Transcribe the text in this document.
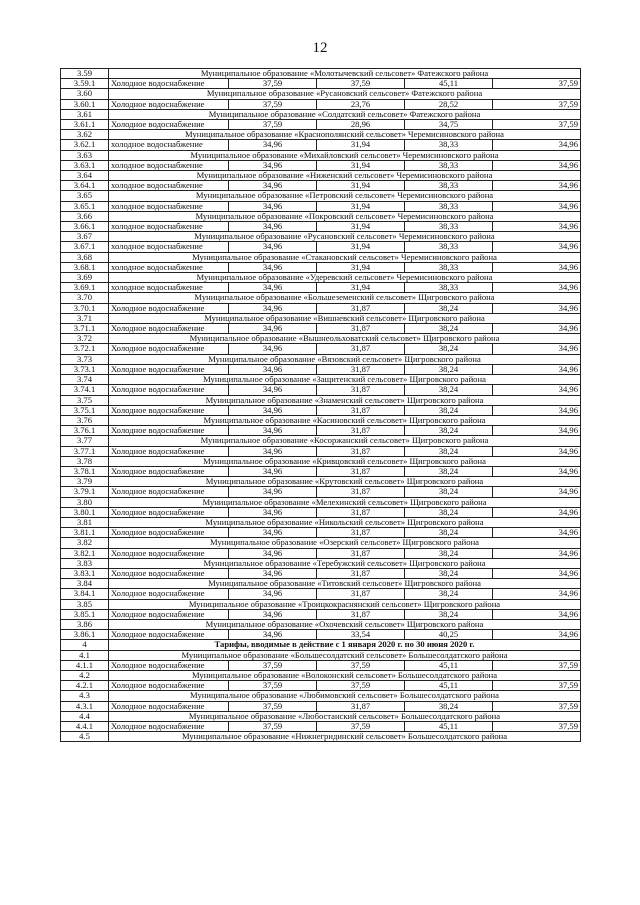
12
3.59	Муниципальное образование «Молотычевский сельсовет» Фатежского района				
3.59.1	Холодное водоснабжение	37,59	37,59	45,11	37,59
3.60	Муниципальное образование «Русановский сельсовет» Фатежского района				
3.60.1	Холодное водоснабжение	37,59	23,76	28,52	37,59
3.61	Муниципальное образование «Солдатский сельсовет» Фатежского района				
3.61.1	Холодное водоснабжение	37,59	28,96	34,75	37,59
3.62	Муниципальное образование «Краснополянский сельсовет» Черемисиновского района				
3.62.1	холодное водоснабжение	34,96	31,94	38,33	34,96
3.63	Муниципальное образование «Михайловский сельсовет» Черемисиновского района				
3.63.1	холодное водоснабжение	34,96	31,94	38,33	34,96
3.64	Муниципальное образование «Ниженский сельсовет» Черемисиновского района				
3.64.1	холодное водоснабжение	34,96	31,94	38,33	34,96
3.65	Муниципальное образование «Петровский сельсовет» Черемисиновского района				
3.65.1	холодное водоснабжение	34,96	31,94	38,33	34,96
3.66	Муниципальное образование «Покровский сельсовет» Черемисиновского района				
3.66.1	холодное водоснабжение	34,96	31,94	38,33	34,96
3.67	Муниципальное образование «Русановский сельсовет» Черемисиновского района				
3.67.1	холодное водоснабжение	34,96	31,94	38,33	34,96
3.68	Муниципальное образование «Стакановский сельсовет» Черемисиновского района				
3.68.1	холодное водоснабжение	34,96	31,94	38,33	34,96
3.69	Муниципальное образование «Удеревский сельсовет» Черемисиновского района				
3.69.1	холодное водоснабжение	34,96	31,94	38,33	34,96
3.70	Муниципальное образование «Большеземенский сельсовет» Щигровского района				
3.70.1	Холодное водоснабжение	34,96	31,87	38,24	34,96
3.71	Муниципальное образование «Вишневский сельсовет» Щигровского района				
3.71.1	Холодное водоснабжение	34,96	31,87	38,24	34,96
3.72	Муниципальное образование «Вышнеольховатский сельсовет» Щигровского района				
3.72.1	Холодное водоснабжение	34,96	31,87	38,24	34,96
3.73	Муниципальное образование «Вязовский сельсовет» Щигровского района				
3.73.1	Холодное водоснабжение	34,96	31,87	38,24	34,96
3.74	Муниципальное образование «Защитенский сельсовет» Щигровского района				
3.74.1	Холодное водоснабжение	34,96	31,87	38,24	34,96
3.75	Муниципальное образование «Знаменский сельсовет» Щигровского района				
3.75.1	Холодное водоснабжение	34,96	31,87	38,24	34,96
3.76	Муниципальное образование «Касиновский сельсовет» Щигровского района				
3.76.1	Холодное водоснабжение	34,96	31,87	38,24	34,96
3.77	Муниципальное образование «Косоржанский сельсовет» Щигровского района				
3.77.1	Холодное водоснабжение	34,96	31,87	38,24	34,96
3.78	Муниципальное образование «Кривцовский сельсовет» Щигровского района				
3.78.1	Холодное водоснабжение	34,96	31,87	38,24	34,96
3.79	Муниципальное образование «Крутовский сельсовет» Щигровского района				
3.79.1	Холодное водоснабжение	34,96	31,87	38,24	34,96
3.80	Муниципальное образование «Мелехинский сельсовет» Щигровского района				
3.80.1	Холодное водоснабжение	34,96	31,87	38,24	34,96
3.81	Муниципальное образование «Никольский сельсовет» Щигровского района				
3.81.1	Холодное водоснабжение	34,96	31,87	38,24	34,96
3.82	Муниципальное образование «Озерский сельсовет» Щигровского района				
3.82.1	Холодное водоснабжение	34,96	31,87	38,24	34,96
3.83	Муниципальное образование «Теребужский сельсовет» Щигровского района				
3.83.1	Холодное водоснабжение	34,96	31,87	38,24	34,96
3.84	Муниципальное образование «Титовский сельсовет» Щигровского района				
3.84.1	Холодное водоснабжение	34,96	31,87	38,24	34,96
3.85	Муниципальное образование «Троицкокраснянский сельсовет» Щигровского района				
3.85.1	Холодное водоснабжение	34,96	31,87	38,24	34,96
3.86	Муниципальное образование «Охочевский сельсовет» Щигровского района				
3.86.1	Холодное водоснабжение	34,96	33,54	40,25	34,96
4	Тарифы, вводимые в действие с 1 января 2020 г. по 30 июня 2020 г.				
4.1	Муниципальное образование «Большесолдатский сельсовет» Большесолдатского района				
4.1.1	Холодное водоснабжение	37,59	37,59	45,11	37,59
4.2	Муниципальное образование «Волоконский сельсовет» Большесолдатского района				
4.2.1	Холодное водоснабжение	37,59	37,59	45,11	37,59
4.3	Муниципальное образование «Любимовский сельсовет» Большесолдатского района				
4.3.1	Холодное водоснабжение	37,59	31,87	38,24	37,59
4.4	Муниципальное образование «Любостанский сельсовет» Большесолдатского района				
4.4.1	Холодное водоснабжение	37,59	37,59	45,11	37,59
4.5	Муниципальное образование «Нижнегридинский сельсовет» Большесолдатского района				
